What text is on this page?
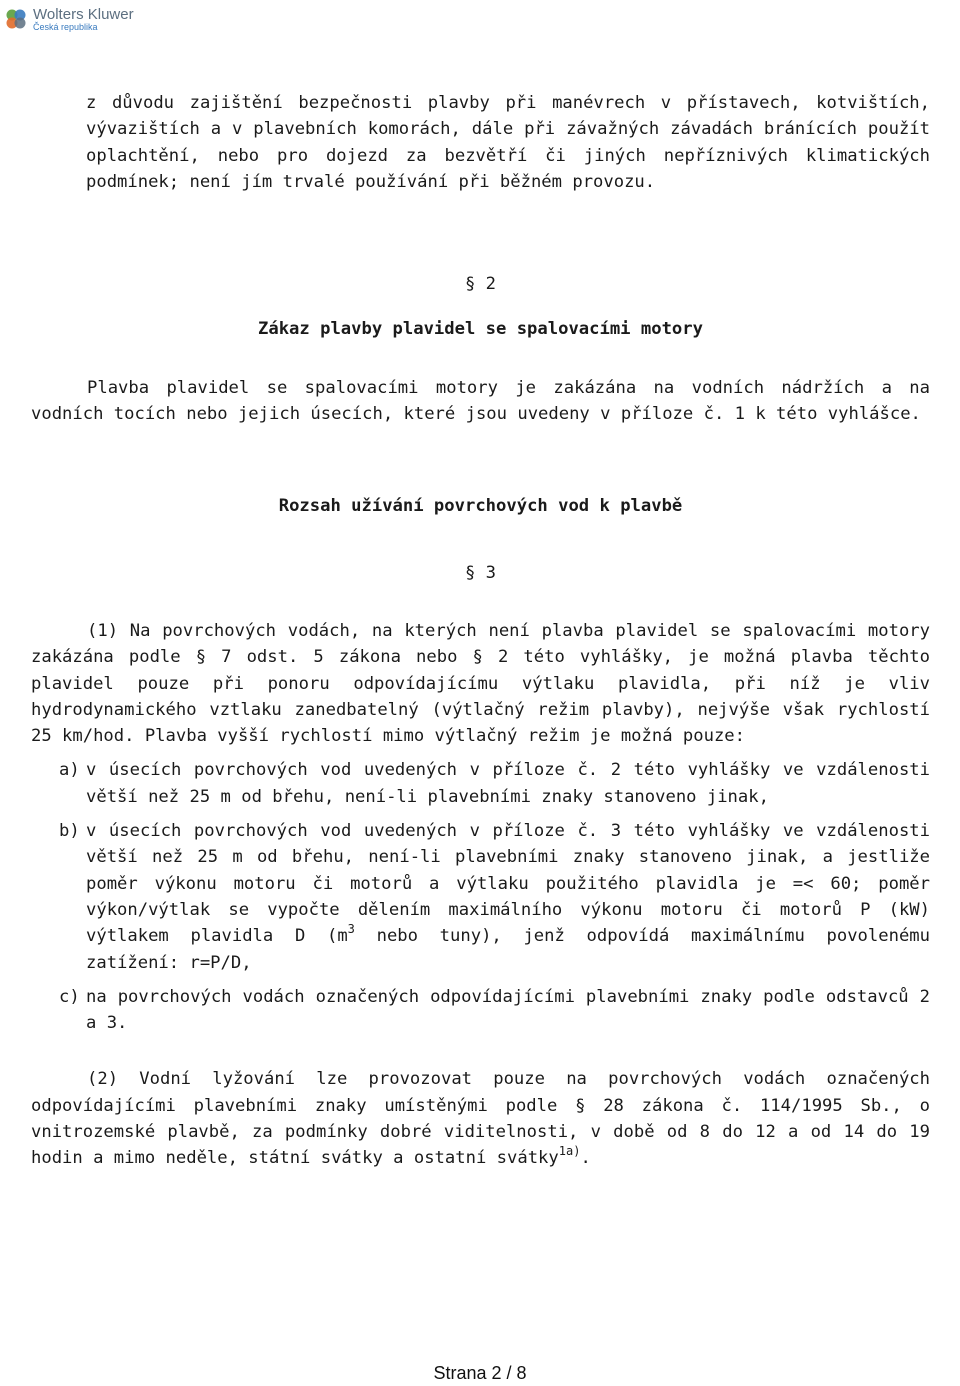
Wolters Kluwer
Česká republika
z důvodu zajištění bezpečnosti plavby při manévrech v přístavech, kotvištích, vývazištích a v plavebních komorách, dále při závažných závadách bránících použít oplachtění, nebo pro dojezd za bezvětří či jiných nepříznivých klimatických podmínek; není jím trvalé používání při běžném provozu.
§ 2
Zákaz plavby plavidel se spalovacími motory
Plavba plavidel se spalovacími motory je zakázána na vodních nádržích a na vodních tocích nebo jejich úsecích, které jsou uvedeny v příloze č. 1 k této vyhlášce.
Rozsah užívání povrchových vod k plavbě
§ 3
(1) Na povrchových vodách, na kterých není plavba plavidel se spalovacími motory zakázána podle § 7 odst. 5 zákona nebo § 2 této vyhlášky, je možná plavba těchto plavidel pouze při ponoru odpovídajícímu výtlaku plavidla, při níž je vliv hydrodynamického vztlaku zanedbatelný (výtlačný režim plavby), nejvýše však rychlostí 25 km/hod. Plavba vyšší rychlostí mimo výtlačný režim je možná pouze:
a) v úsecích povrchových vod uvedených v příloze č. 2 této vyhlášky ve vzdálenosti větší než 25 m od břehu, není-li plavebními znaky stanoveno jinak,
b) v úsecích povrchových vod uvedených v příloze č. 3 této vyhlášky ve vzdálenosti větší než 25 m od břehu, není-li plavebními znaky stanoveno jinak, a jestliže poměr výkonu motoru či motorů a výtlaku použitého plavidla je =< 60; poměr výkon/výtlak se vypočte dělením maximálního výkonu motoru či motorů P (kW) výtlakem plavidla D ($m^3$ nebo tuny), jenž odpovídá maximálnímu povolenému zatížení: r=P/D,
c) na povrchových vodách označených odpovídajícími plavebními znaky podle odstavců 2 a 3.
(2) Vodní lyžování lze provozovat pouze na povrchových vodách označených odpovídajícími plavebními znaky umístěnými podle § 28 zákona č. 114/1995 Sb., o vnitrozemské plavbě, za podmínky dobré viditelnosti, v době od 8 do 12 a od 14 do 19 hodin a mimo neděle, státní svátky a ostatní svátky$^{1a)}$.
Strana 2 / 8
